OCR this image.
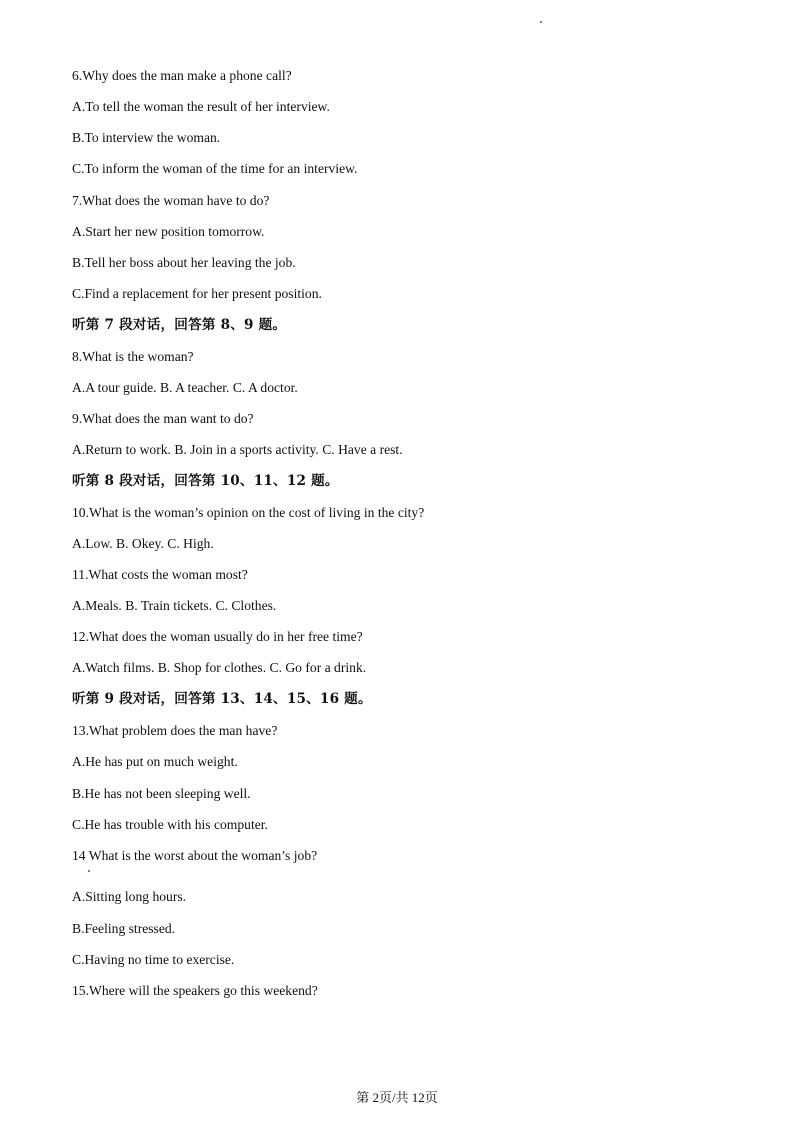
6.Why does the man make a phone call?
A.To tell the woman the result of her interview.
B.To interview the woman.
C.To inform the woman of the time for an interview.
7.What does the woman have to do?
A.Start her new position tomorrow.
B.Tell her boss about her leaving the job.
C.Find a replacement for her present position.
听第 7 段对话，回答第 8、9 题。
8.What is the woman?
A.A tour guide. B. A teacher. C. A doctor.
9.What does the man want to do?
A.Return to work. B. Join in a sports activity. C. Have a rest.
听第 8 段对话，回答第 10、11、12 题。
10.What is the woman’s opinion on the cost of living in the city?
A.Low. B. Okey. C. High.
11.What costs the woman most?
A.Meals. B. Train tickets. C. Clothes.
12.What does the woman usually do in her free time?
A.Watch films. B. Shop for clothes. C. Go for a drink.
听第 9 段对话，回答第 13、14、15、16 题。
13.What problem does the man have?
A.He has put on much weight.
B.He has not been sleeping well.
C.He has trouble with his computer.
14 What is the worst about the woman’s job?
A.Sitting long hours.
B.Feeling stressed.
C.Having no time to exercise.
15.Where will the speakers go this weekend?
第 2页/共 12页
